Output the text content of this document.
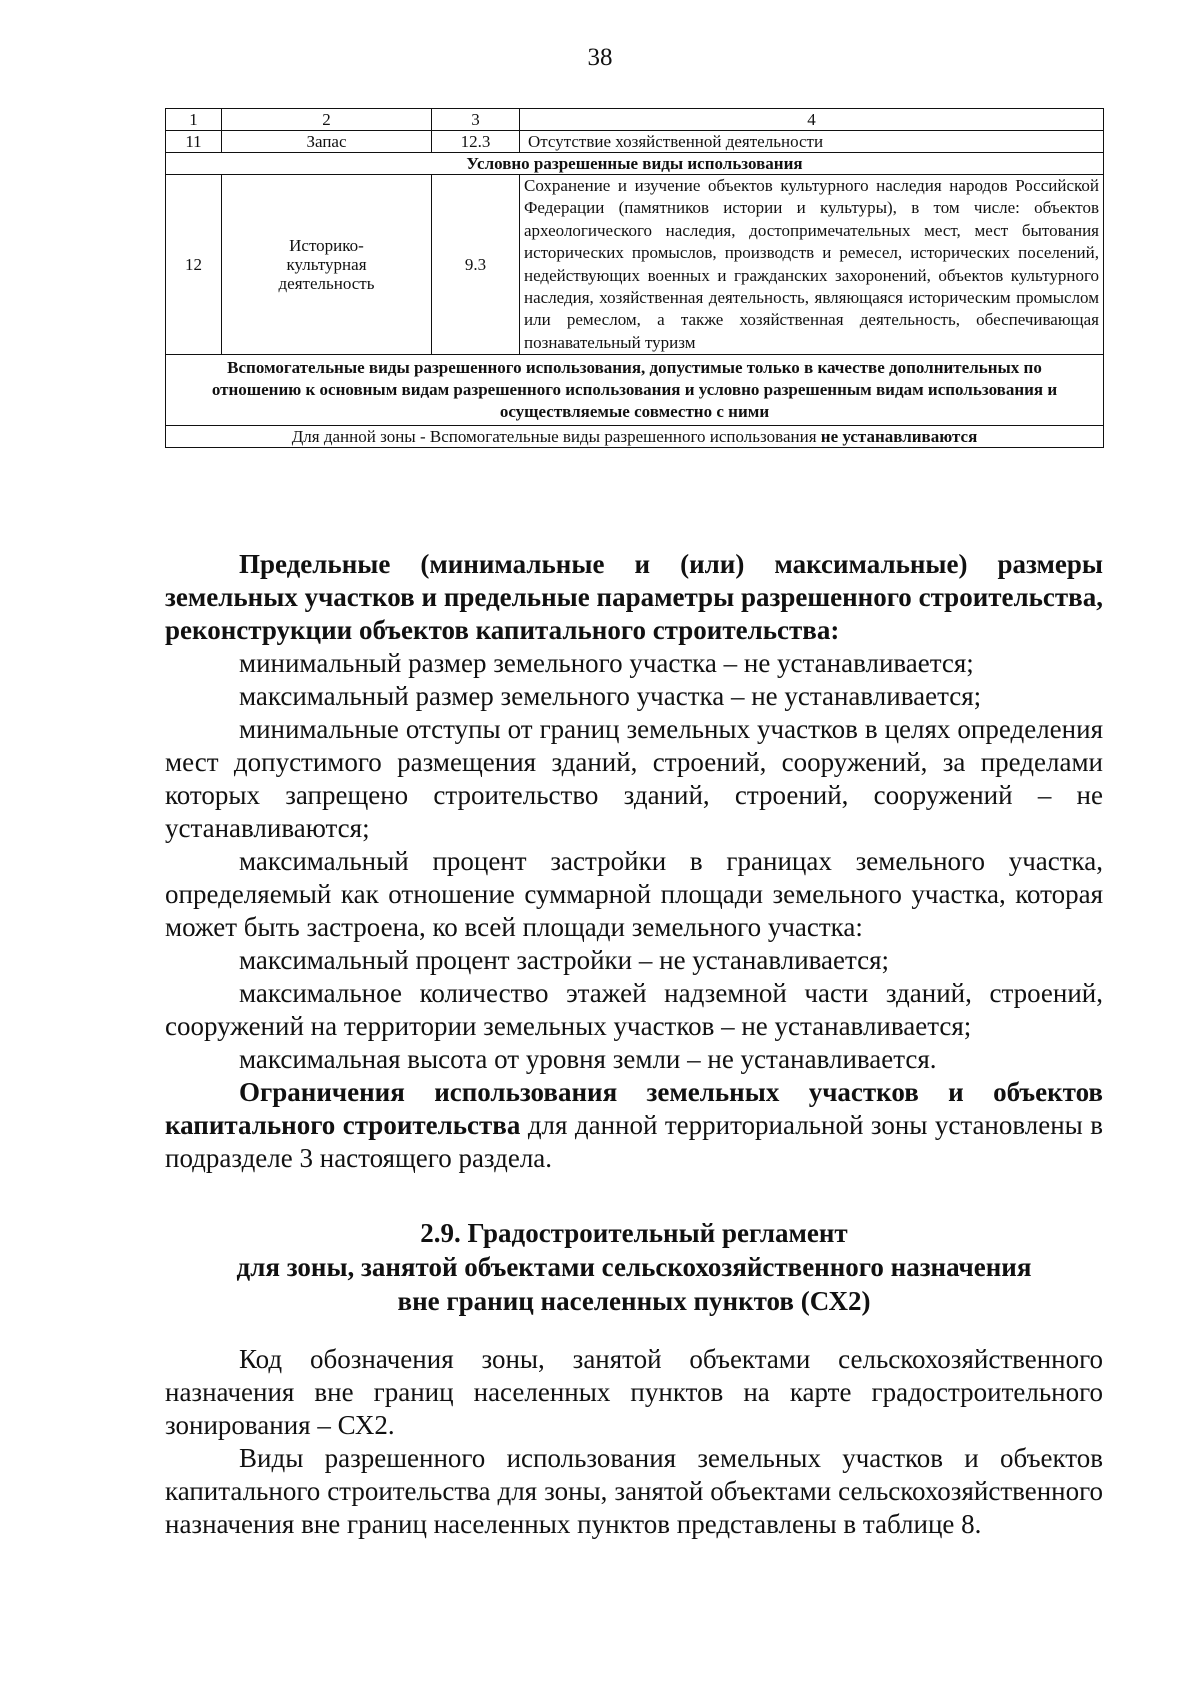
38
1	2	3	4
11	Запас	12.3	Отсутствие хозяйственной деятельности
Условно разрешенные виды использования			
12	Историко-культурная деятельность	9.3	Сохранение и изучение объектов культурного наследия народов Российской Федерации (памятников истории и культуры), в том числе: объектов археологического наследия, достопримечательных мест, мест бытования исторических промыслов, производств и ремесел, исторических поселений, недействующих военных и гражданских захоронений, объектов культурного наследия, хозяйственная деятельность, являющаяся историческим промыслом или ремеслом, а также хозяйственная деятельность, обеспечивающая познавательный туризм
Вспомогательные виды разрешенного использования, допустимые только в качестве дополнительных по отношению к основным видам разрешенного использования и условно разрешенным видам использования и осуществляемые совместно с ними			
Для данной зоны - Вспомогательные виды разрешенного использования не устанавливаются			

Предельные (минимальные и (или) максимальные) размеры земельных участков и предельные параметры разрешенного строительства, реконструкции объектов капитального строительства:

минимальный размер земельного участка – не устанавливается;

максимальный размер земельного участка – не устанавливается;

минимальные отступы от границ земельных участков в целях определения мест допустимого размещения зданий, строений, сооружений, за пределами которых запрещено строительство зданий, строений, сооружений – не устанавливаются;

максимальный процент застройки в границах земельного участка, определяемый как отношение суммарной площади земельного участка, которая может быть застроена, ко всей площади земельного участка:

максимальный процент застройки – не устанавливается;

максимальное количество этажей надземной части зданий, строений, сооружений на территории земельных участков – не устанавливается;

максимальная высота от уровня земли – не устанавливается.

Ограничения использования земельных участков и объектов капитального строительства для данной территориальной зоны установлены в подразделе 3 настоящего раздела.

2.9. Градостроительный регламент
для зоны, занятой объектами сельскохозяйственного назначения
вне границ населенных пунктов (СХ2)

Код обозначения зоны, занятой объектами сельскохозяйственного назначения вне границ населенных пунктов на карте градостроительного зонирования – СХ2.

Виды разрешенного использования земельных участков и объектов капитального строительства для зоны, занятой объектами сельскохозяйственного назначения вне границ населенных пунктов представлены в таблице 8.
